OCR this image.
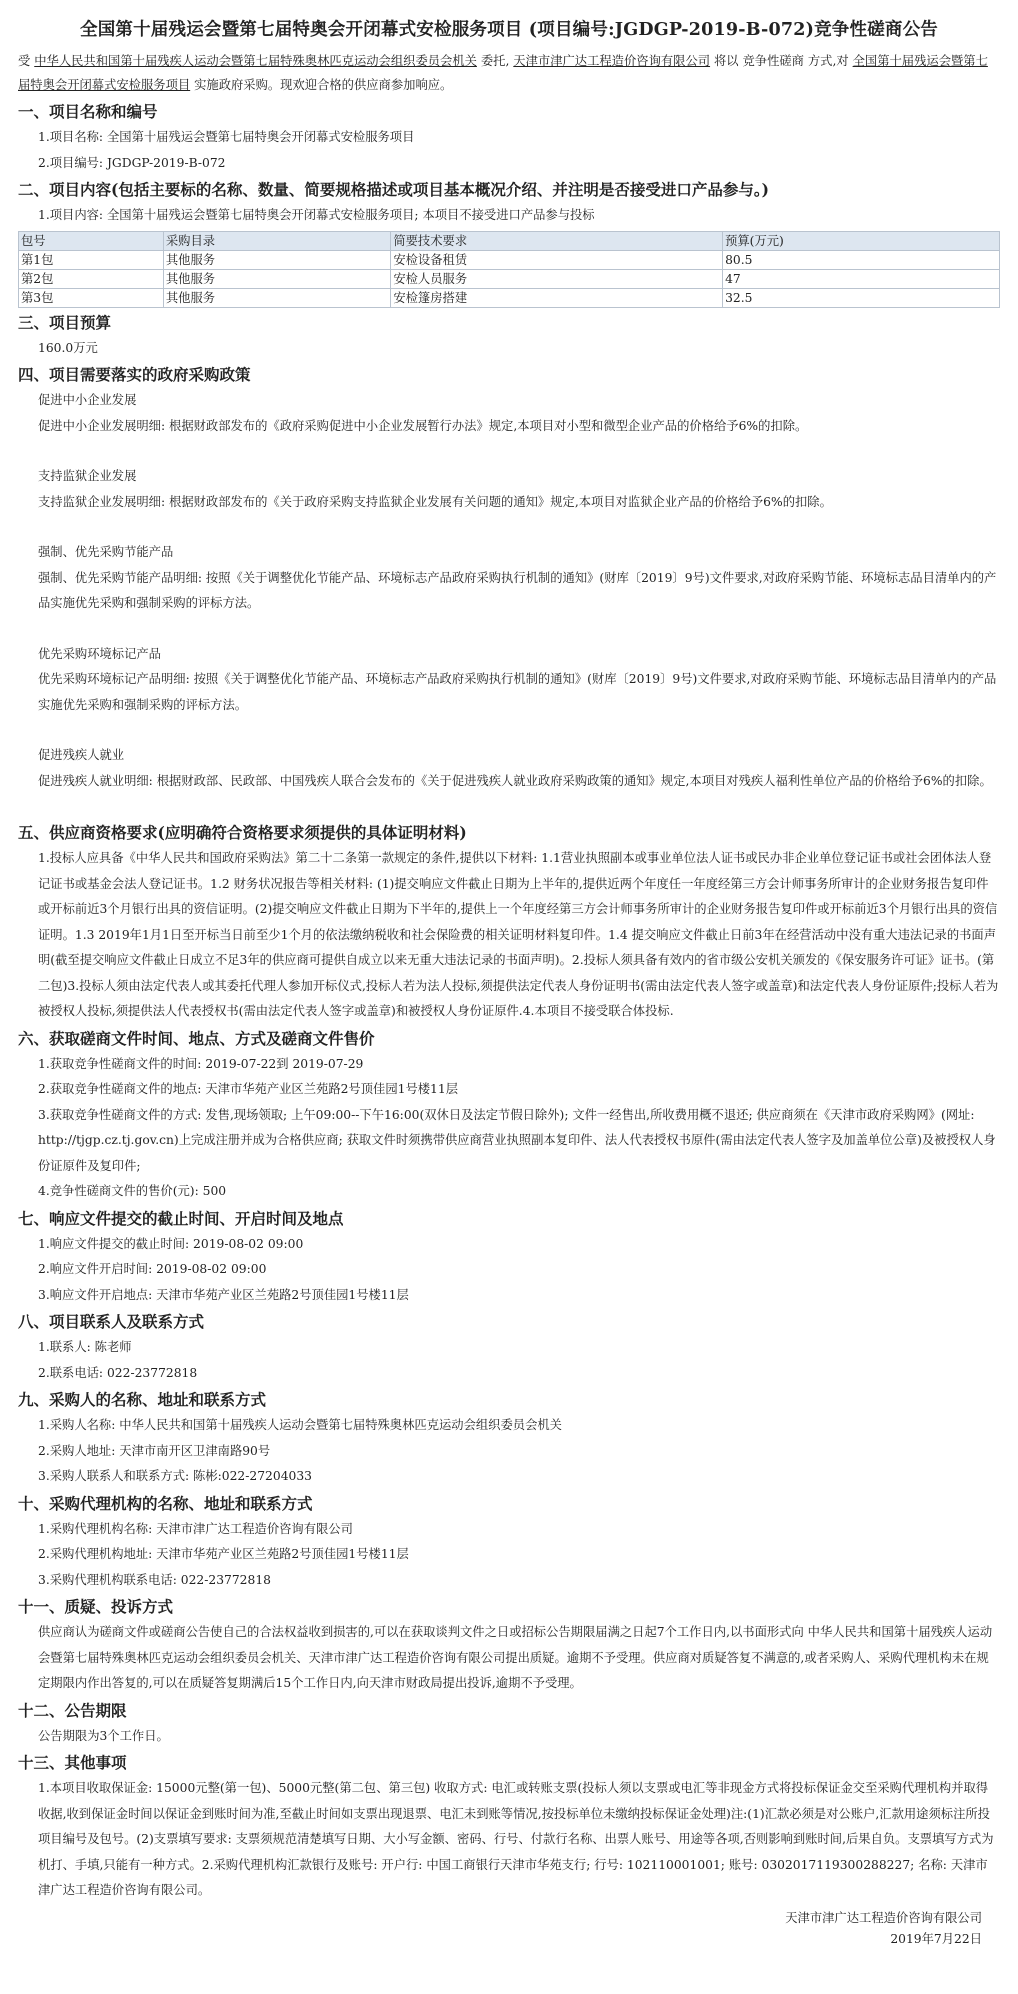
全国第十届残运会暨第七届特奥会开闭幕式安检服务项目 (项目编号:JGDGP-2019-B-072)竞争性磋商公告
受 中华人民共和国第十届残疾人运动会暨第七届特殊奥林匹克运动会组织委员会机关 委托, 天津市津广达工程造价咨询有限公司 将以 竞争性磋商 方式,对 全国第十届残运会暨第七届特奥会开闭幕式安检服务项目 实施政府采购。现欢迎合格的供应商参加响应。
一、项目名称和编号
1.项目名称: 全国第十届残运会暨第七届特奥会开闭幕式安检服务项目
2.项目编号: JGDGP-2019-B-072
二、项目内容(包括主要标的名称、数量、简要规格描述或项目基本概况介绍、并注明是否接受进口产品参与。)
1.项目内容: 全国第十届残运会暨第七届特奥会开闭幕式安检服务项目; 本项目不接受进口产品参与投标
包号	采购目录	简要技术要求	预算(万元)
第1包	其他服务	安检设备租赁	80.5
第2包	其他服务	安检人员服务	47
第3包	其他服务	安检篷房搭建	32.5
三、项目预算
160.0万元
四、项目需要落实的政府采购政策
促进中小企业发展
促进中小企业发展明细: 根据财政部发布的《政府采购促进中小企业发展暂行办法》规定,本项目对小型和微型企业产品的价格给予6%的扣除。
支持监狱企业发展
支持监狱企业发展明细: 根据财政部发布的《关于政府采购支持监狱企业发展有关问题的通知》规定,本项目对监狱企业产品的价格给予6%的扣除。
强制、优先采购节能产品
强制、优先采购节能产品明细: 按照《关于调整优化节能产品、环境标志产品政府采购执行机制的通知》(财库〔2019〕9号)文件要求,对政府采购节能、环境标志品目清单内的产品实施优先采购和强制采购的评标方法。
优先采购环境标记产品
优先采购环境标记产品明细: 按照《关于调整优化节能产品、环境标志产品政府采购执行机制的通知》(财库〔2019〕9号)文件要求,对政府采购节能、环境标志品目清单内的产品实施优先采购和强制采购的评标方法。
促进残疾人就业
促进残疾人就业明细: 根据财政部、民政部、中国残疾人联合会发布的《关于促进残疾人就业政府采购政策的通知》规定,本项目对残疾人福利性单位产品的价格给予6%的扣除。
五、供应商资格要求(应明确符合资格要求须提供的具体证明材料)
1.投标人应具备《中华人民共和国政府采购法》第二十二条第一款规定的条件,提供以下材料: 1.1营业执照副本或事业单位法人证书或民办非企业单位登记证书或社会团体法人登记证书或基金会法人登记证书。1.2 财务状况报告等相关材料: (1)提交响应文件截止日期为上半年的,提供近两个年度任一年度经第三方会计师事务所审计的企业财务报告复印件或开标前近3个月银行出具的资信证明。(2)提交响应文件截止日期为下半年的,提供上一个年度经第三方会计师事务所审计的企业财务报告复印件或开标前近3个月银行出具的资信证明。1.3 2019年1月1日至开标当日前至少1个月的依法缴纳税收和社会保险费的相关证明材料复印件。1.4 提交响应文件截止日前3年在经营活动中没有重大违法记录的书面声明(截至提交响应文件截止日成立不足3年的供应商可提供自成立以来无重大违法记录的书面声明)。2.投标人须具备有效内的省市级公安机关颁发的《保安服务许可证》证书。(第二包)3.投标人须由法定代表人或其委托代理人参加开标仪式,投标人若为法人投标,须提供法定代表人身份证明书(需由法定代表人签字或盖章)和法定代表人身份证原件;投标人若为被授权人投标,须提供法人代表授权书(需由法定代表人签字或盖章)和被授权人身份证原件.4.本项目不接受联合体投标.
六、获取磋商文件时间、地点、方式及磋商文件售价
1.获取竞争性磋商文件的时间: 2019-07-22到 2019-07-29
2.获取竞争性磋商文件的地点: 天津市华苑产业区兰苑路2号顶佳园1号楼11层
3.获取竞争性磋商文件的方式: 发售,现场领取; 上午09:00--下午16:00(双休日及法定节假日除外); 文件一经售出,所收费用概不退还; 供应商须在《天津市政府采购网》(网址: http://tjgp.cz.tj.gov.cn)上完成注册并成为合格供应商; 获取文件时须携带供应商营业执照副本复印件、法人代表授权书原件(需由法定代表人签字及加盖单位公章)及被授权人身份证原件及复印件;
4.竞争性磋商文件的售价(元): 500
七、响应文件提交的截止时间、开启时间及地点
1.响应文件提交的截止时间: 2019-08-02 09:00
2.响应文件开启时间: 2019-08-02 09:00
3.响应文件开启地点: 天津市华苑产业区兰苑路2号顶佳园1号楼11层
八、项目联系人及联系方式
1.联系人: 陈老师
2.联系电话: 022-23772818
九、采购人的名称、地址和联系方式
1.采购人名称: 中华人民共和国第十届残疾人运动会暨第七届特殊奥林匹克运动会组织委员会机关
2.采购人地址: 天津市南开区卫津南路90号
3.采购人联系人和联系方式: 陈彬:022-27204033
十、采购代理机构的名称、地址和联系方式
1.采购代理机构名称: 天津市津广达工程造价咨询有限公司
2.采购代理机构地址: 天津市华苑产业区兰苑路2号顶佳园1号楼11层
3.采购代理机构联系电话: 022-23772818
十一、质疑、投诉方式
供应商认为磋商文件或磋商公告使自己的合法权益收到损害的,可以在获取谈判文件之日或招标公告期限届满之日起7个工作日内,以书面形式向 中华人民共和国第十届残疾人运动会暨第七届特殊奥林匹克运动会组织委员会机关、天津市津广达工程造价咨询有限公司提出质疑。逾期不予受理。供应商对质疑答复不满意的,或者采购人、采购代理机构未在规定期限内作出答复的,可以在质疑答复期满后15个工作日内,向天津市财政局提出投诉,逾期不予受理。
十二、公告期限
公告期限为3个工作日。
十三、其他事项
1.本项目收取保证金: 15000元整(第一包)、5000元整(第二包、第三包) 收取方式: 电汇或转账支票(投标人须以支票或电汇等非现金方式将投标保证金交至采购代理机构并取得收据,收到保证金时间以保证金到账时间为准,至截止时间如支票出现退票、电汇未到账等情况,按投标单位未缴纳投标保证金处理)注:(1)汇款必须是对公账户,汇款用途须标注所投项目编号及包号。(2)支票填写要求: 支票须规范清楚填写日期、大小写金额、密码、行号、付款行名称、出票人账号、用途等各项,否则影响到账时间,后果自负。支票填写方式为机打、手填,只能有一种方式。2.采购代理机构汇款银行及账号: 开户行: 中国工商银行天津市华苑支行; 行号: 102110001001; 账号: 0302017119300288227; 名称: 天津市津广达工程造价咨询有限公司。
天津市津广达工程造价咨询有限公司
2019年7月22日
